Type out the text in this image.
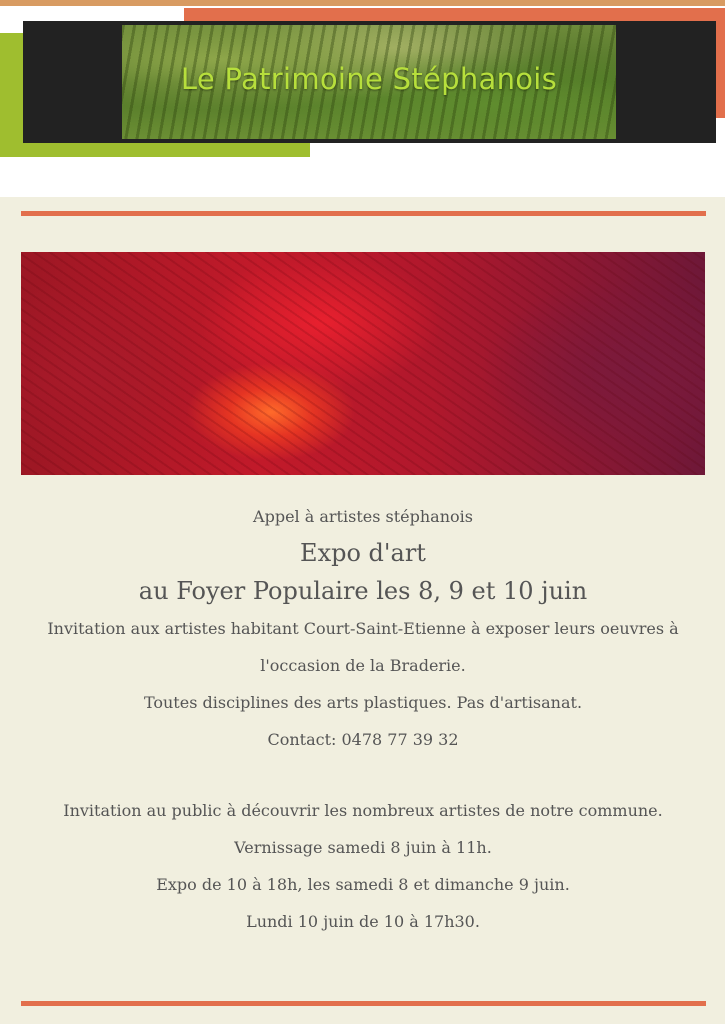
Le Patrimoine Stéphanois

Appel à artistes stéphanois

Expo d'art

au Foyer Populaire les 8, 9 et 10 juin

Invitation aux artistes habitant Court-Saint-Etienne à exposer leurs oeuvres à

l'occasion de la Braderie.

Toutes disciplines des arts plastiques. Pas d'artisanat.

Contact: 0478 77 39 32

Invitation au public à découvrir les nombreux artistes de notre commune.

Vernissage samedi 8 juin à 11h.

Expo de 10 à 18h, les samedi 8 et dimanche 9 juin.

Lundi 10 juin de 10 à 17h30.
